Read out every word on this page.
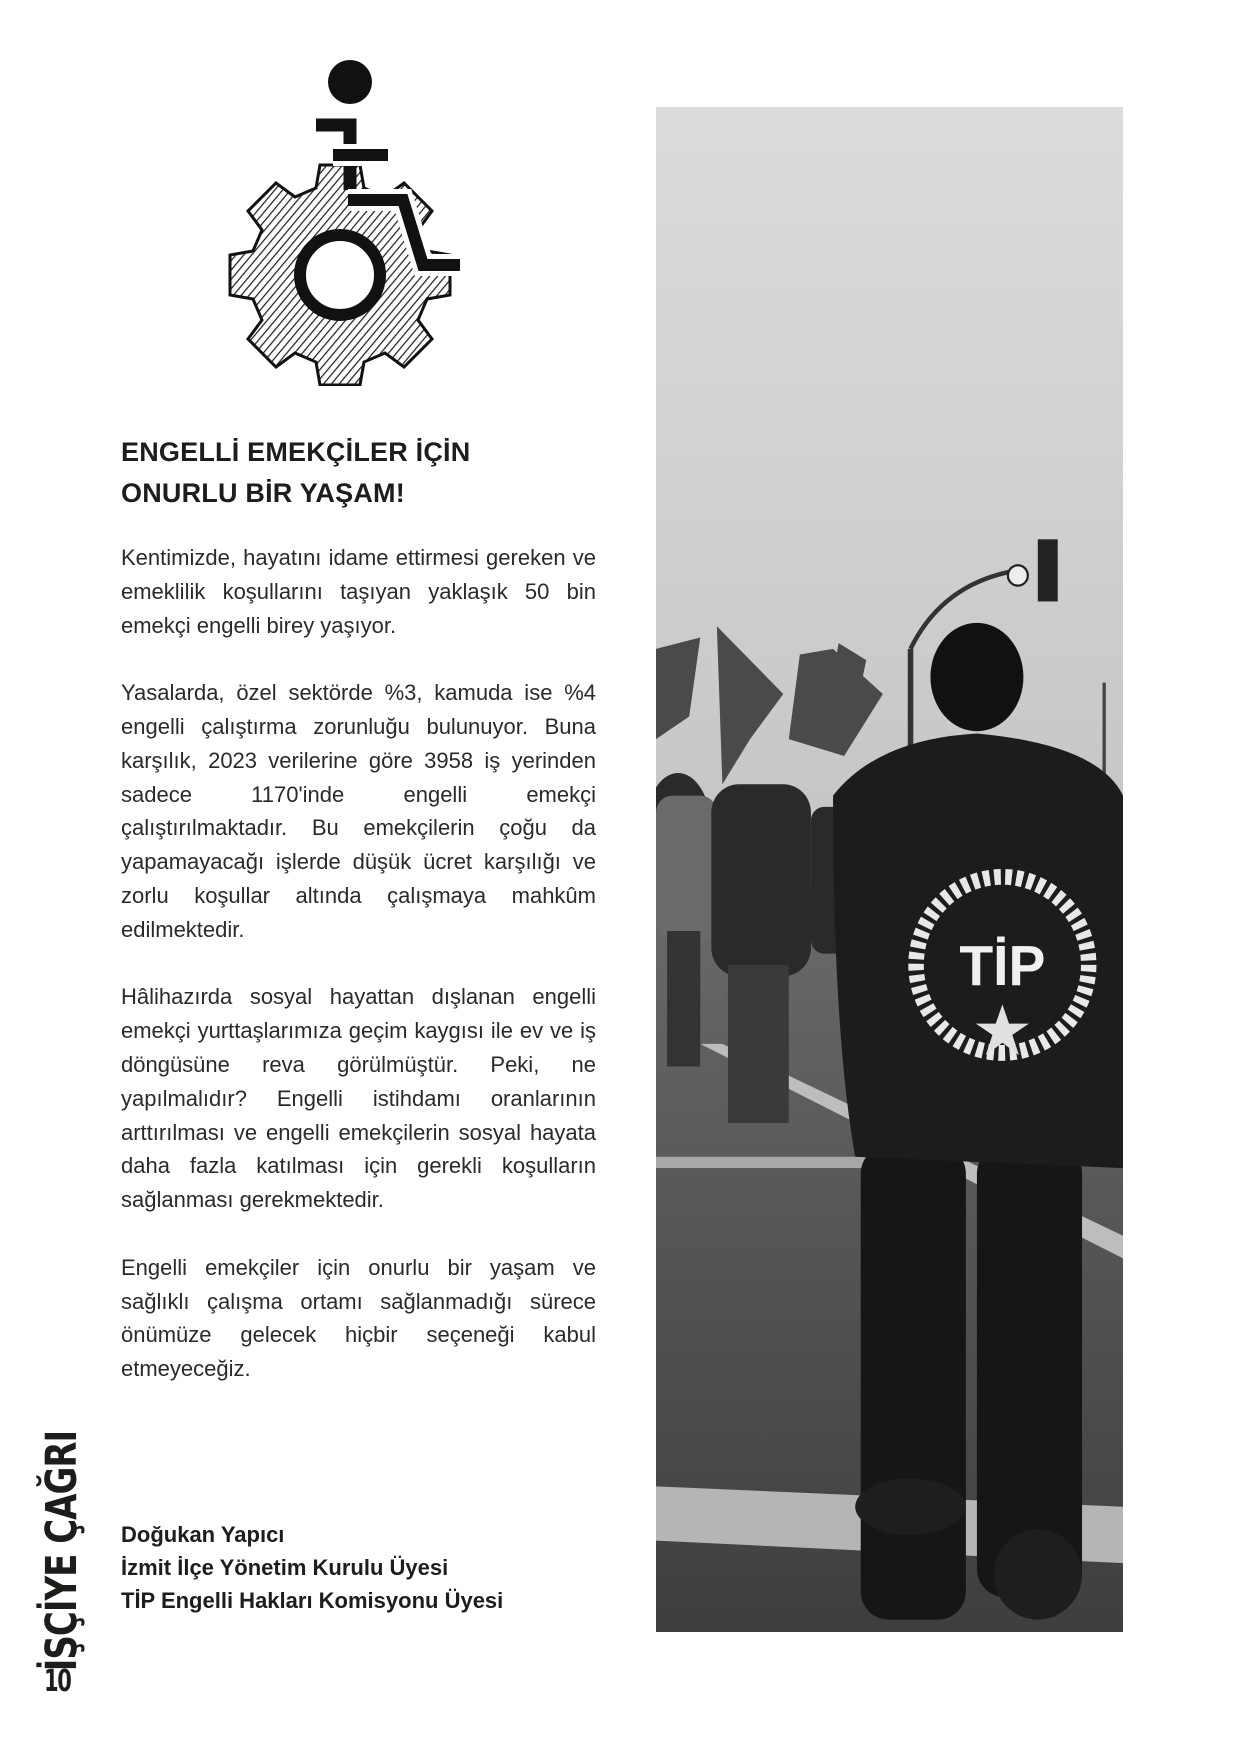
ENGELLİ EMEKÇİLER İÇİN
ONURLU BİR YAŞAM!

Kentimizde, hayatını idame ettirmesi gereken ve emeklilik koşullarını taşıyan yaklaşık 50 bin emekçi engelli birey yaşıyor.

Yasalarda, özel sektörde %3, kamuda ise %4 engelli çalıştırma zorunluğu bulunuyor. Buna karşılık, 2023 verilerine göre 3958 iş yerinden sadece 1170'inde engelli emekçi çalıştırılmaktadır. Bu emekçilerin çoğu da yapamayacağı işlerde düşük ücret karşılığı ve zorlu koşullar altında çalışmaya mahkûm edilmektedir.

Hâlihazırda sosyal hayattan dışlanan engelli emekçi yurttaşlarımıza geçim kaygısı ile ev ve iş döngüsüne reva görülmüştür. Peki, ne yapılmalıdır? Engelli istihdamı oranlarının arttırılması ve engelli emekçilerin sosyal hayata daha fazla katılması için gerekli koşulların sağlanması gerekmektedir.

Engelli emekçiler için onurlu bir yaşam ve sağlıklı çalışma ortamı sağlanmadığı sürece önümüze gelecek hiçbir seçeneği kabul etmeyeceğiz.

Doğukan Yapıcı
İzmit İlçe Yönetim Kurulu Üyesi
TİP Engelli Hakları Komisyonu Üyesi
İŞÇİYE ÇAĞRI
10
TİP
